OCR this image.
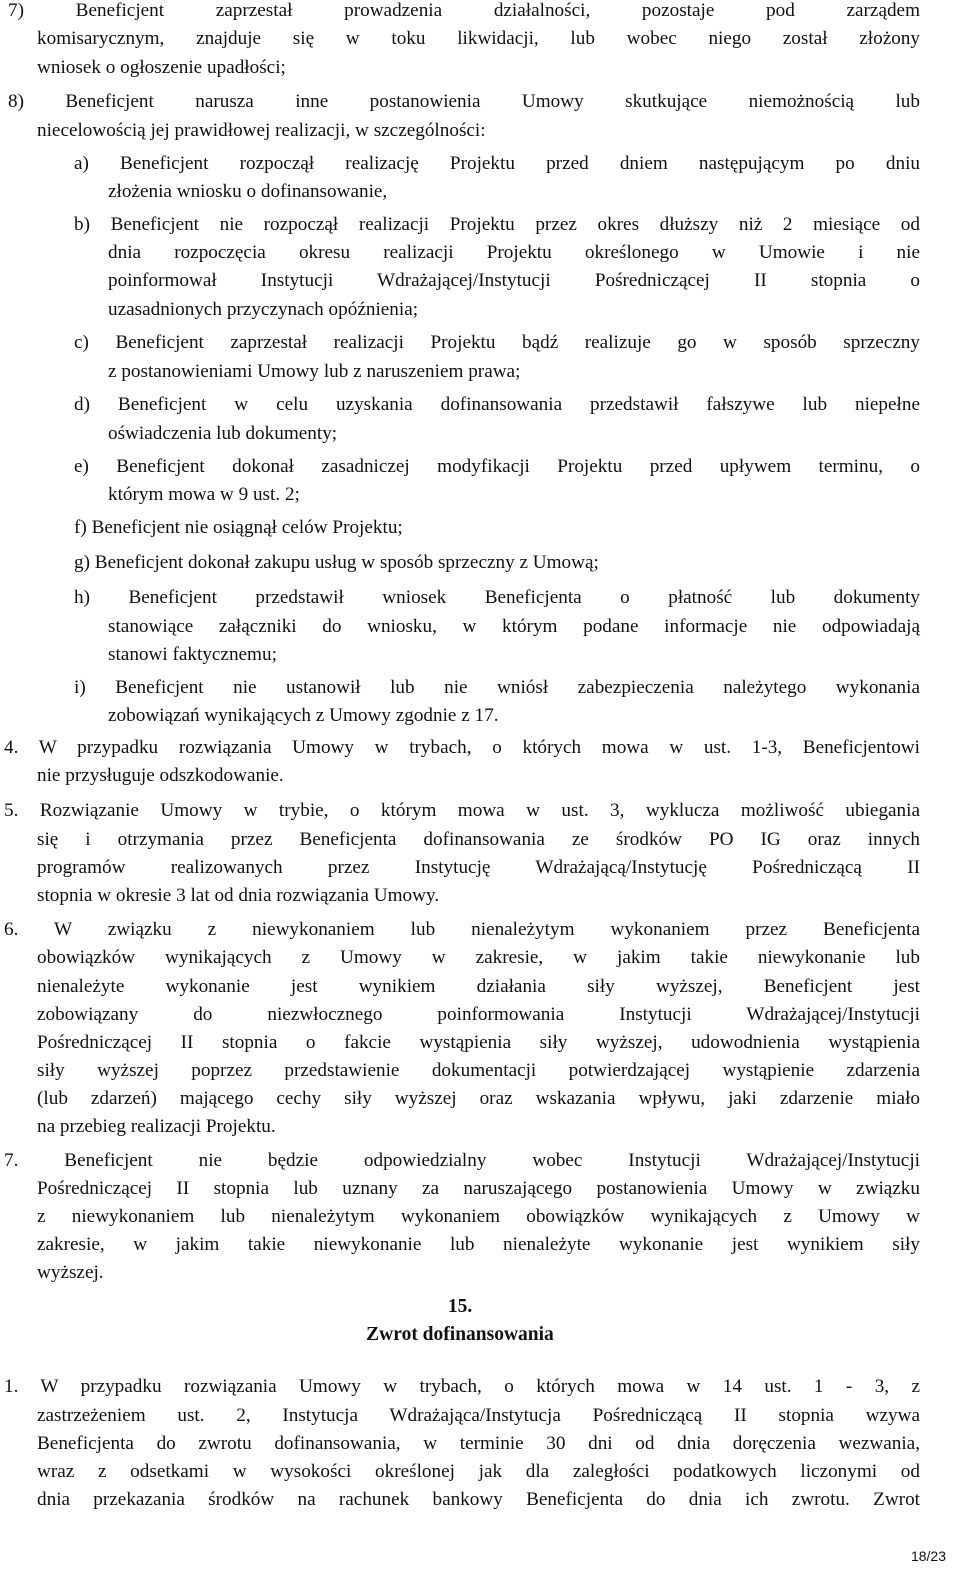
7) Beneficjent zaprzestał prowadzenia działalności, pozostaje pod zarządem
komisarycznym, znajduje się w toku likwidacji, lub wobec niego został złożony
wniosek o ogłoszenie upadłości;
8) Beneficjent narusza inne postanowienia Umowy skutkujące niemożnością lub
niecelowością jej prawidłowej realizacji, w szczególności:
a) Beneficjent rozpoczął realizację Projektu przed dniem następującym po dniu
złożenia wniosku o dofinansowanie,
b) Beneficjent nie rozpoczął realizacji Projektu przez okres dłuższy niż 2 miesiące od
dnia rozpoczęcia okresu realizacji Projektu określonego w Umowie i nie
poinformował Instytucji Wdrażającej/Instytucji Pośredniczącej II stopnia o
uzasadnionych przyczynach opóźnienia;
c) Beneficjent zaprzestał realizacji Projektu bądź realizuje go w sposób sprzeczny
z postanowieniami Umowy lub z naruszeniem prawa;
d) Beneficjent w celu uzyskania dofinansowania przedstawił fałszywe lub niepełne
oświadczenia lub dokumenty;
e) Beneficjent dokonał zasadniczej modyfikacji Projektu przed upływem terminu, o
którym mowa w 9 ust. 2;
f) Beneficjent nie osiągnął celów Projektu;
g) Beneficjent dokonał zakupu usług w sposób sprzeczny z Umową;
h) Beneficjent przedstawił wniosek Beneficjenta o płatność lub dokumenty
stanowiące załączniki do wniosku, w którym podane informacje nie odpowiadają
stanowi faktycznemu;
i) Beneficjent nie ustanowił lub nie wniósł zabezpieczenia należytego wykonania
zobowiązań wynikających z Umowy zgodnie z 17.
4. W przypadku rozwiązania Umowy w trybach, o których mowa w ust. 1-3, Beneficjentowi
nie przysługuje odszkodowanie.
5. Rozwiązanie Umowy w trybie, o którym mowa w ust. 3, wyklucza możliwość ubiegania
się i otrzymania przez Beneficjenta dofinansowania ze środków PO IG oraz innych
programów realizowanych przez Instytucję Wdrażającą/Instytucję Pośredniczącą II
stopnia w okresie 3 lat od dnia rozwiązania Umowy.
6. W związku z niewykonaniem lub nienależytym wykonaniem przez Beneficjenta
obowiązków wynikających z Umowy w zakresie, w jakim takie niewykonanie lub
nienależyte wykonanie jest wynikiem działania siły wyższej, Beneficjent jest
zobowiązany do niezwłocznego poinformowania Instytucji Wdrażającej/Instytucji
Pośredniczącej II stopnia o fakcie wystąpienia siły wyższej, udowodnienia wystąpienia
siły wyższej poprzez przedstawienie dokumentacji potwierdzającej wystąpienie zdarzenia
(lub zdarzeń) mającego cechy siły wyższej oraz wskazania wpływu, jaki zdarzenie miało
na przebieg realizacji Projektu.
7. Beneficjent nie będzie odpowiedzialny wobec Instytucji Wdrażającej/Instytucji
Pośredniczącej II stopnia lub uznany za naruszającego postanowienia Umowy w związku
z niewykonaniem lub nienależytym wykonaniem obowiązków wynikających z Umowy w
zakresie, w jakim takie niewykonanie lub nienależyte wykonanie jest wynikiem siły
wyższej.
15.
Zwrot dofinansowania
1. W przypadku rozwiązania Umowy w trybach, o których mowa w 14 ust. 1 - 3, z
zastrzeżeniem ust. 2, Instytucja Wdrażająca/Instytucja Pośredniczącą II stopnia wzywa
Beneficjenta do zwrotu dofinansowania, w terminie 30 dni od dnia doręczenia wezwania,
wraz z odsetkami w wysokości określonej jak dla zaległości podatkowych liczonymi od
dnia przekazania środków na rachunek bankowy Beneficjenta do dnia ich zwrotu. Zwrot
18/23
